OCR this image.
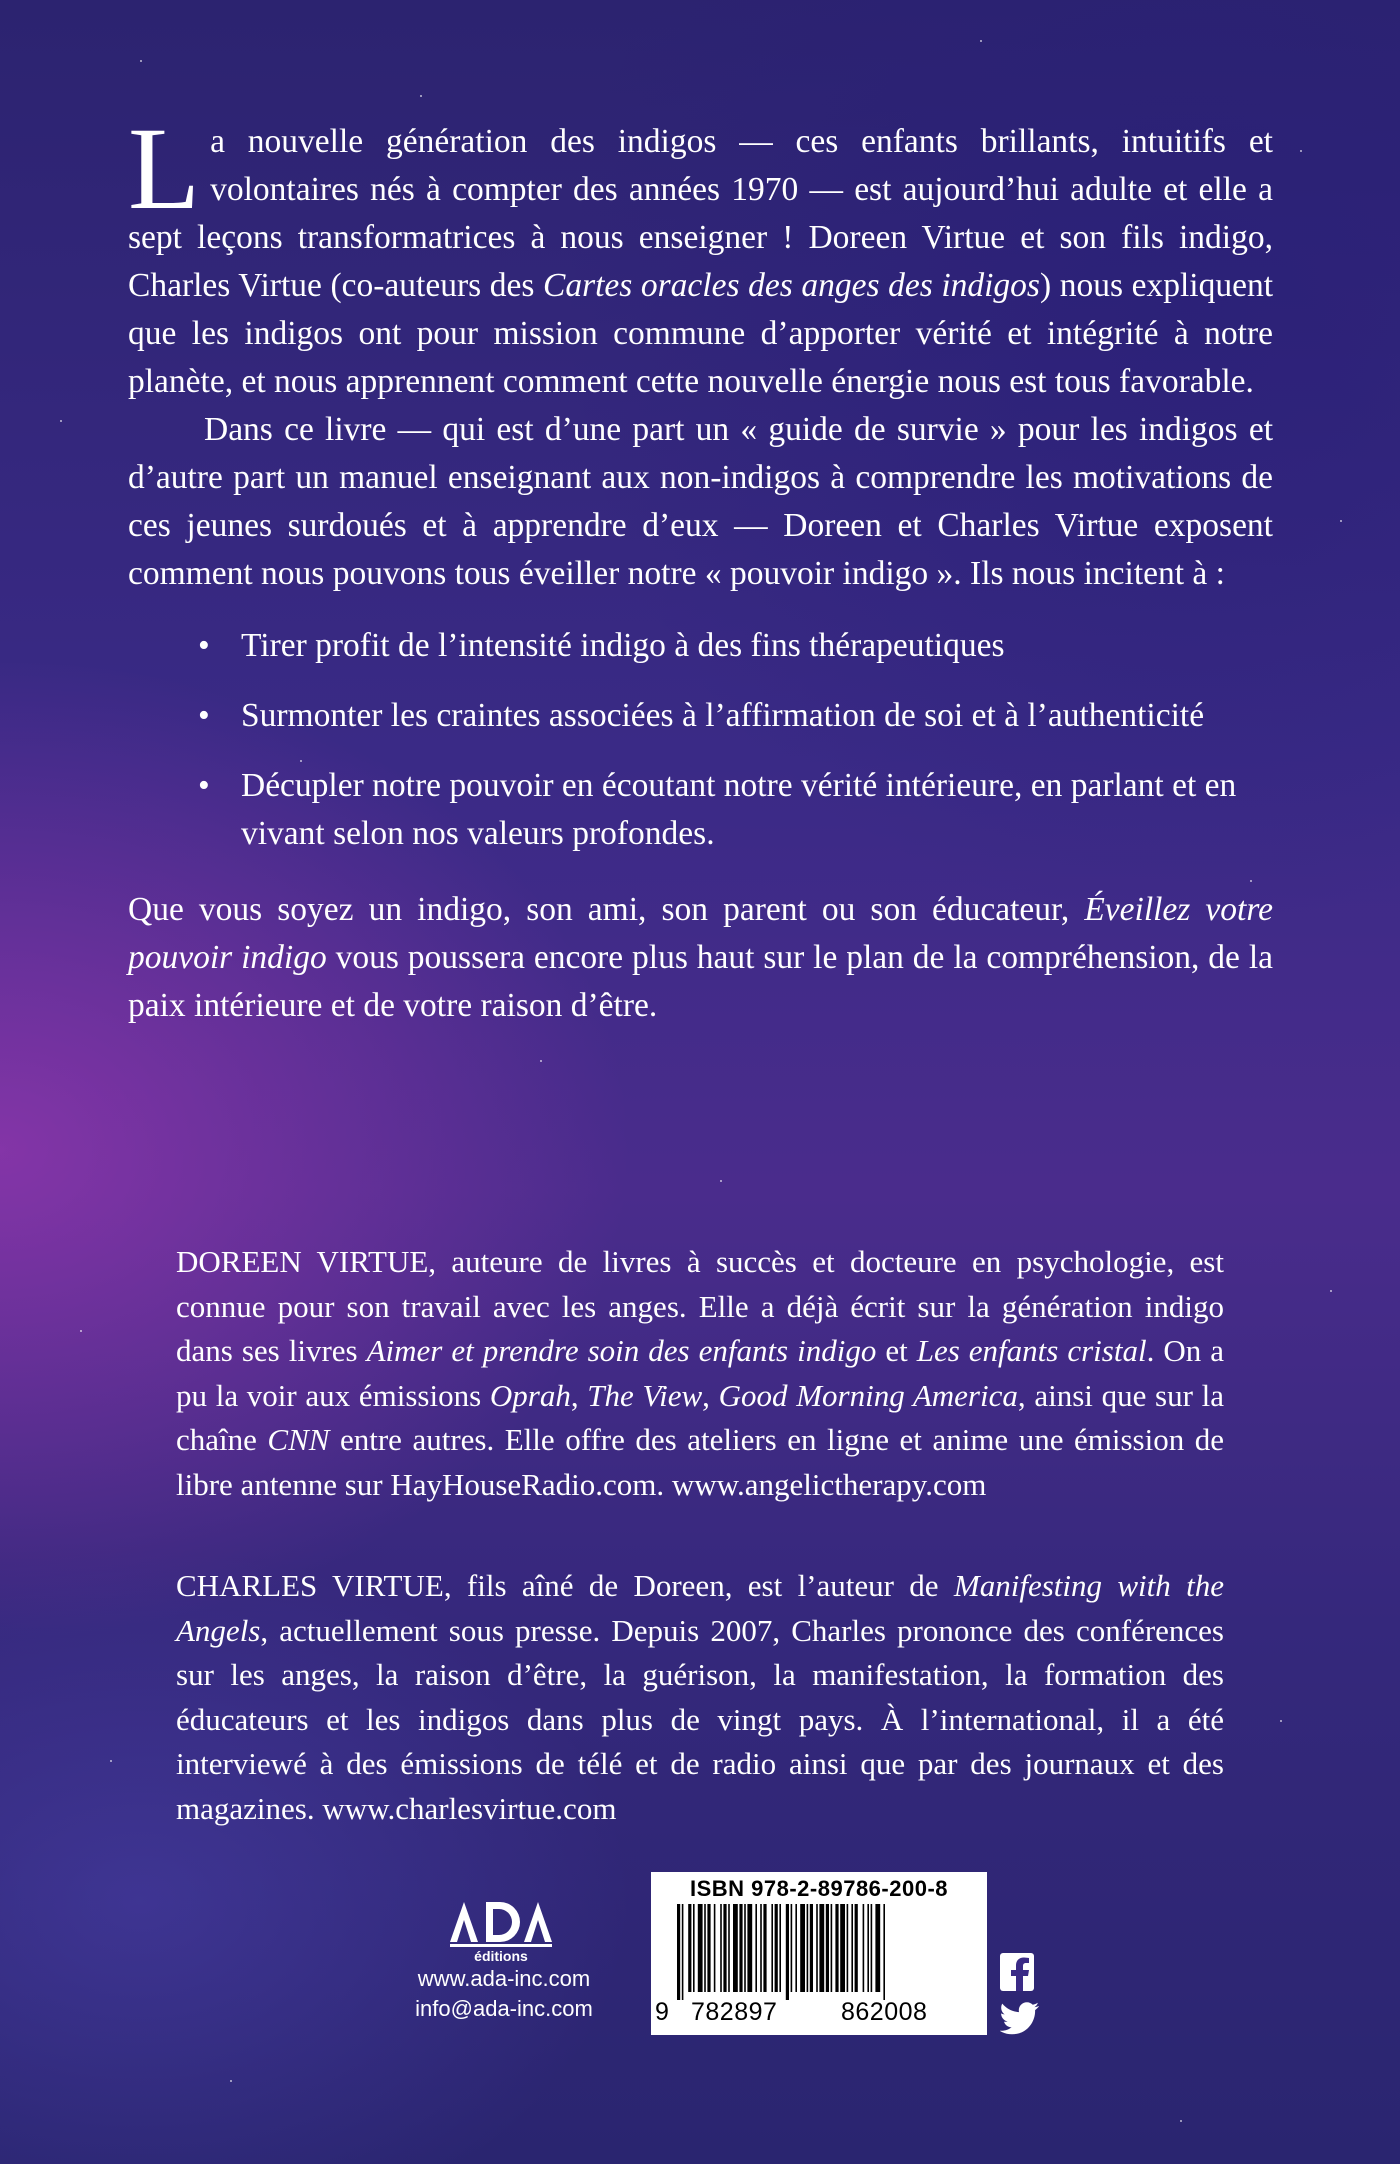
La nouvelle génération des indigos — ces enfants brillants, intuitifs et volontaires nés à compter des années 1970 — est aujourd’hui adulte et elle a sept leçons transformatrices à nous enseigner ! Doreen Virtue et son fils indigo, Charles Virtue (co-auteurs des Cartes oracles des anges des indigos) nous expliquent que les indigos ont pour mission commune d’apporter vérité et intégrité à notre planète, et nous apprennent comment cette nouvelle énergie nous est tous favorable.

Dans ce livre — qui est d’une part un « guide de survie » pour les indigos et d’autre part un manuel enseignant aux non-indigos à comprendre les motivations de ces jeunes surdoués et à apprendre d’eux — Doreen et Charles Virtue exposent comment nous pouvons tous éveiller notre « pouvoir indigo ». Ils nous incitent à :

• Tirer profit de l’intensité indigo à des fins thérapeutiques
• Surmonter les craintes associées à l’affirmation de soi et à l’authenticité
• Décupler notre pouvoir en écoutant notre vérité intérieure, en parlant et en vivant selon nos valeurs profondes.

Que vous soyez un indigo, son ami, son parent ou son éducateur, Éveillez votre pouvoir indigo vous poussera encore plus haut sur le plan de la compréhension, de la paix intérieure et de votre raison d’être.

DOREEN VIRTUE, auteure de livres à succès et docteure en psychologie, est connue pour son travail avec les anges. Elle a déjà écrit sur la génération indigo dans ses livres Aimer et prendre soin des enfants indigo et Les enfants cristal. On a pu la voir aux émissions Oprah, The View, Good Morning America, ainsi que sur la chaîne CNN entre autres. Elle offre des ateliers en ligne et anime une émission de libre antenne sur HayHouseRadio.com. www.angelictherapy.com

CHARLES VIRTUE, fils aîné de Doreen, est l’auteur de Manifesting with the Angels, actuellement sous presse. Depuis 2007, Charles prononce des conférences sur les anges, la raison d’être, la guérison, la manifestation, la formation des éducateurs et les indigos dans plus de vingt pays. À l’international, il a été interviewé à des émissions de télé et de radio ainsi que par des journaux et des magazines. www.charlesvirtue.com

éditions
www.ada-inc.com
info@ada-inc.com
ISBN 978-2-89786-200-8
9 782897	862008
